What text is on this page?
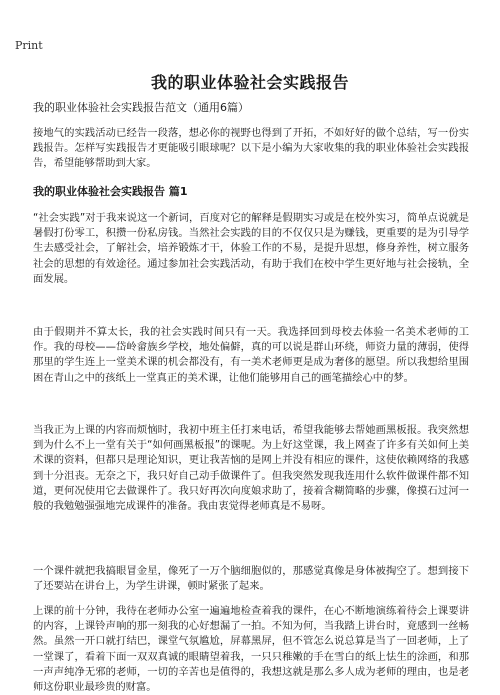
Print
我的职业体验社会实践报告
我的职业体验社会实践报告范文（通用6篇）

接地气的实践活动已经告一段落，想必你的视野也得到了开拓，不如好好的做个总结，写一份实践报告。怎样写实践报告才更能吸引眼球呢？以下是小编为大家收集的我的职业体验社会实践报告，希望能够帮助到大家。

我的职业体验社会实践报告 篇1

“社会实践”对于我来说这一个新词，百度对它的解释是假期实习或是在校外实习，简单点说就是暑假打份零工，积攒一份私房钱。当然社会实践的目的不仅仅只是为赚钱，更重要的是为引导学生去感受社会，了解社会，培养锻炼才干，体验工作的不易，是提升思想，修身养性，树立服务社会的思想的有效途径。通过参加社会实践活动，有助于我们在校中学生更好地与社会接轨，全面发展。

由于假期并不算太长，我的社会实践时间只有一天。我选择回到母校去体验一名美术老师的工作。我的母校——岱岭畲族乡学校，地处偏僻，真的可以说是群山环绕，师资力量的薄弱，使得那里的学生连上一堂美术课的机会都没有，有一美术老师更是成为奢侈的愿望。所以我想给里围困在青山之中的孩纸上一堂真正的美术课，让他们能够用自己的画笔描绘心中的梦。

当我正为上课的内容而烦恼时，我初中班主任打来电话，希望我能够去帮她画黑板报。我突然想到为什么不上一堂有关于“如何画黑板报”的课呢。为上好这堂课，我上网查了许多有关如何上美术课的资料，但都只是理论知识，更让我苦恼的是网上并没有相应的课件，这使依赖网络的我感到十分沮丧。无奈之下，我只好自己动手做课件了。但我突然发现我连用什么软件做课件都不知道，更何况使用它去做课件了。我只好再次向度娘求助了，接着含糊简略的步骤，像摸石过河一般的我勉勉强强地完成课件的准备。我由衷觉得老师真是不易呀。

一个课件就把我搞眼冒金星，像死了一万个脑细胞似的，那感觉真像是身体被掏空了。想到接下了还要站在讲台上，为学生讲课，顿时紧张了起来。

上课的前十分钟，我待在老师办公室一遍遍地检查着我的课件，在心不断地演练着待会上课要讲的内容，上课铃声响的那一刻我的心好想漏了一拍。不知为何，当我踏上讲台时，竟感到一丝畅然。虽然一开口就打结巴，课堂气氛尴尬，屏幕黑屏，但不管怎么说总算是当了一回老师，上了一堂课了，看着下面一双双真诚的眼睛望着我，一只只稚嫩的手在雪白的纸上怯生的涂画，和那一声声纯净无邪的老师，一切的辛苦也是值得的，我想这就是那么多人成为老师的理由，也是老师这份职业最珍贵的财富。
